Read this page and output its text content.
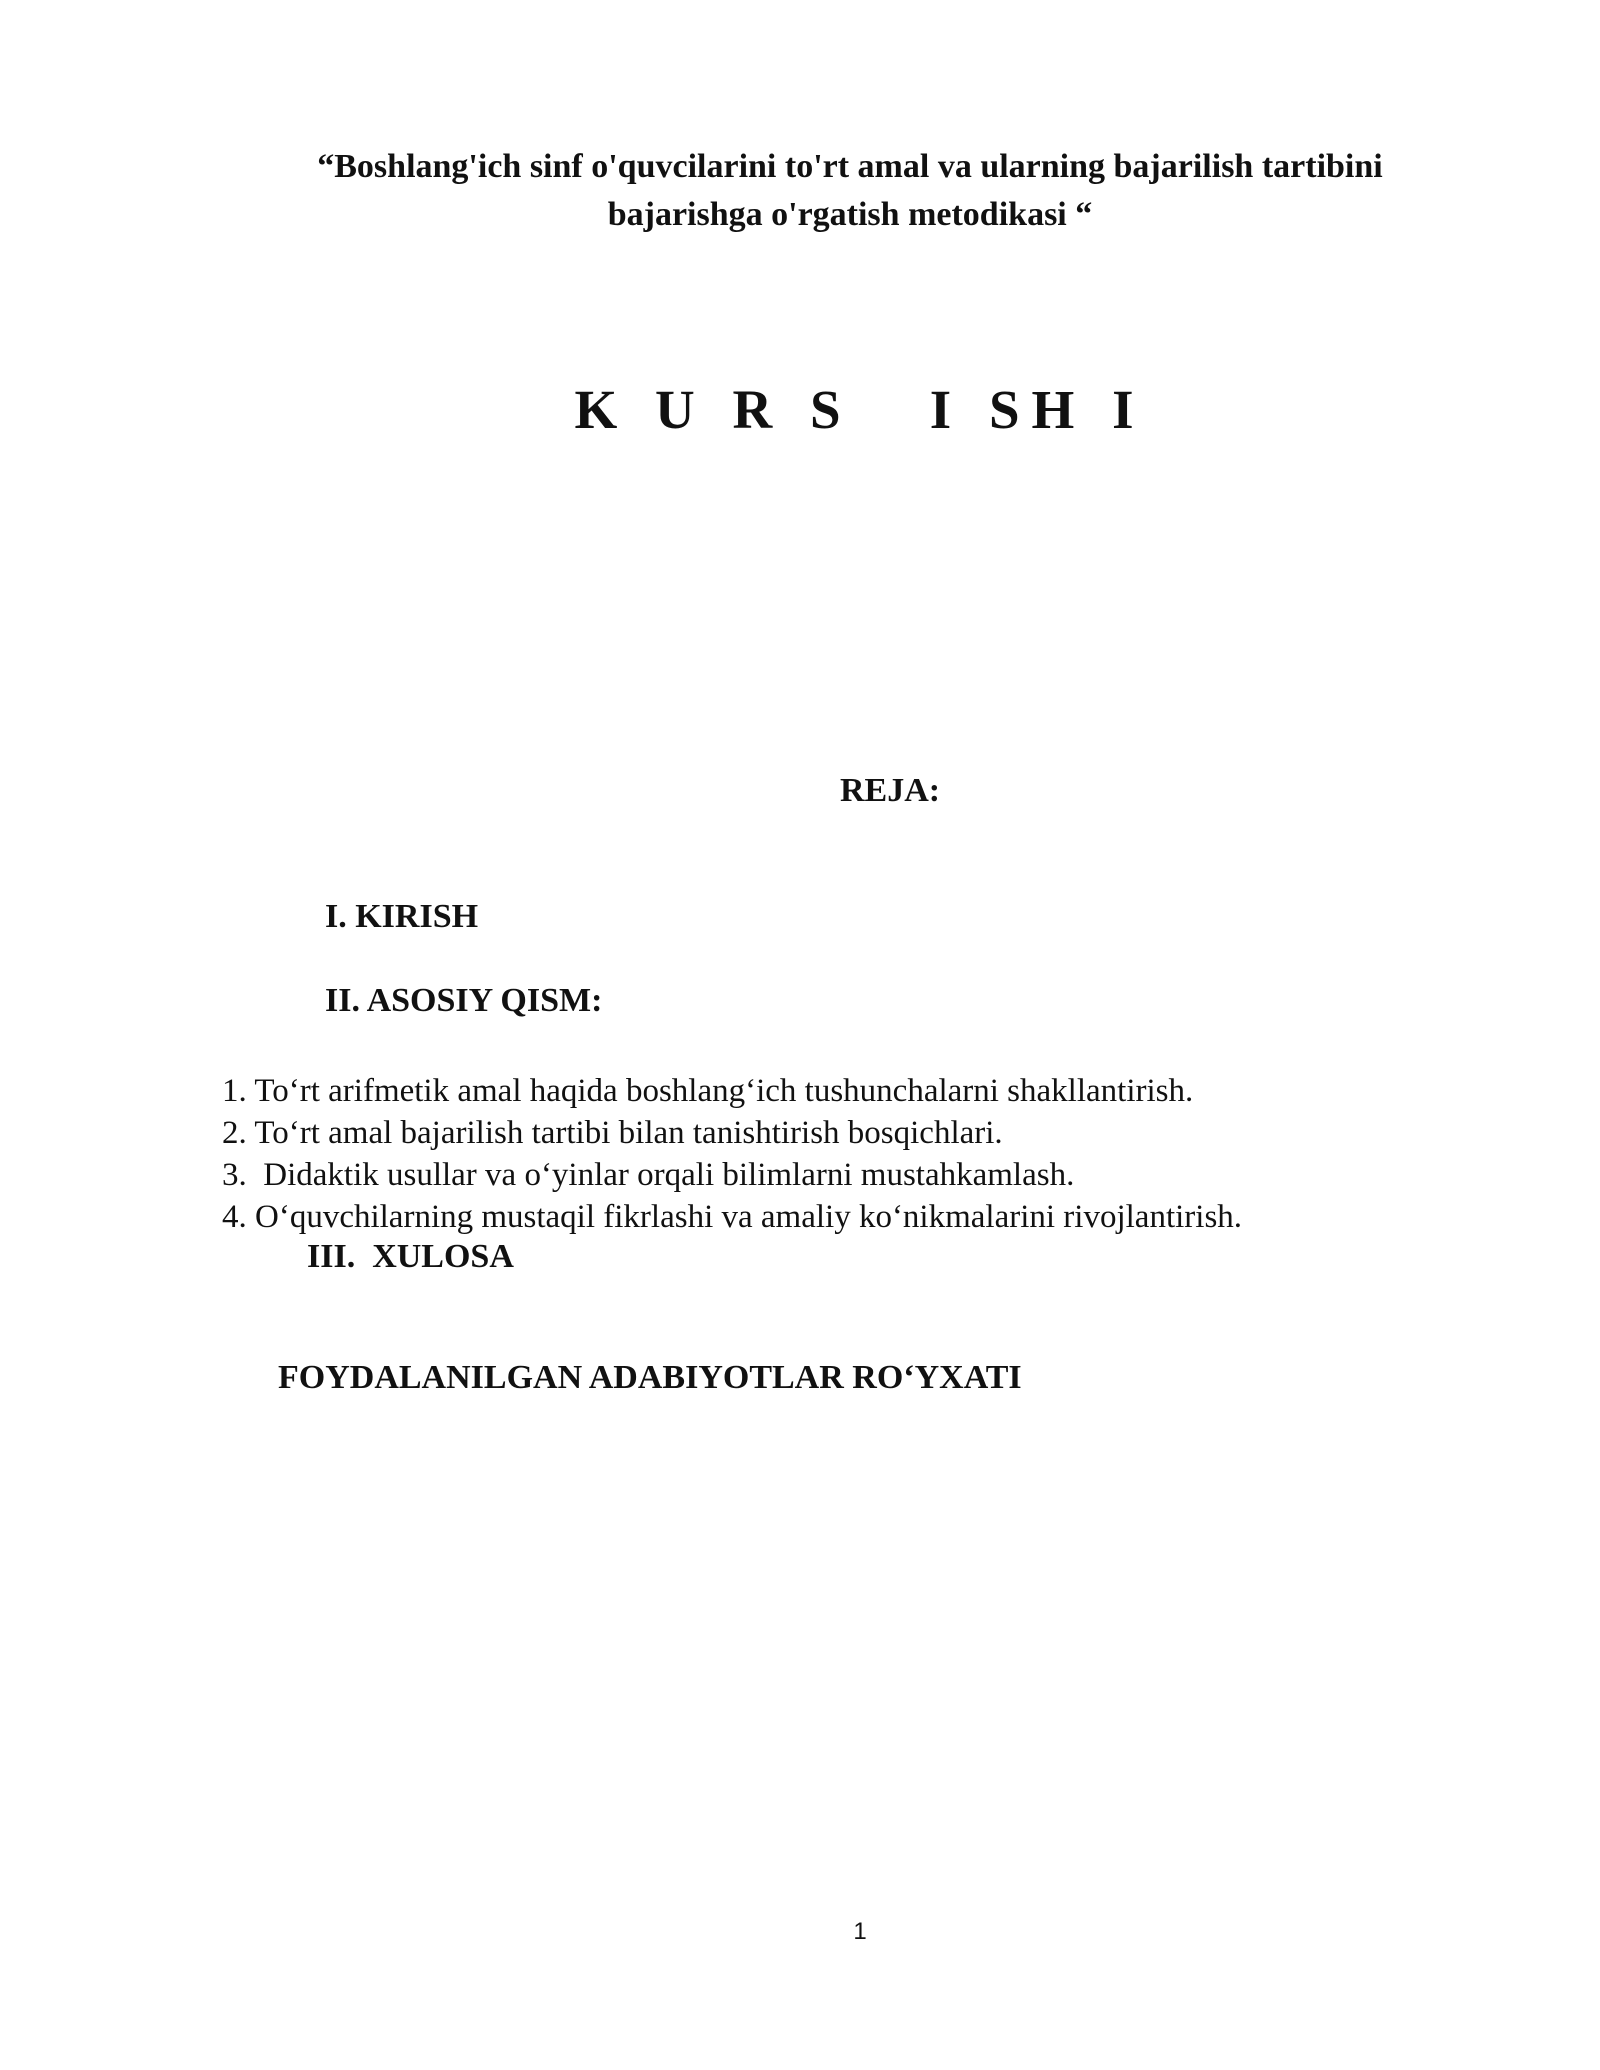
“Boshlang'ich sinf o'quvcilarini to'rt amal va ularning bajarilish tartibini
bajarishga o'rgatish metodikasi “
K U R S   I SH I
REJA:
I. KIRISH
II. ASOSIY QISM:
1. To‘rt arifmetik amal haqida boshlang‘ich tushunchalarni shakllantirish.
2. To‘rt amal bajarilish tartibi bilan tanishtirish bosqichlari.
3.  Didaktik usullar va o‘yinlar orqali bilimlarni mustahkamlash.
4. O‘quvchilarning mustaqil fikrlashi va amaliy ko‘nikmalarini rivojlantirish.
III.  XULOSA
FOYDALANILGAN ADABIYOTLAR RO‘YXATI
1
